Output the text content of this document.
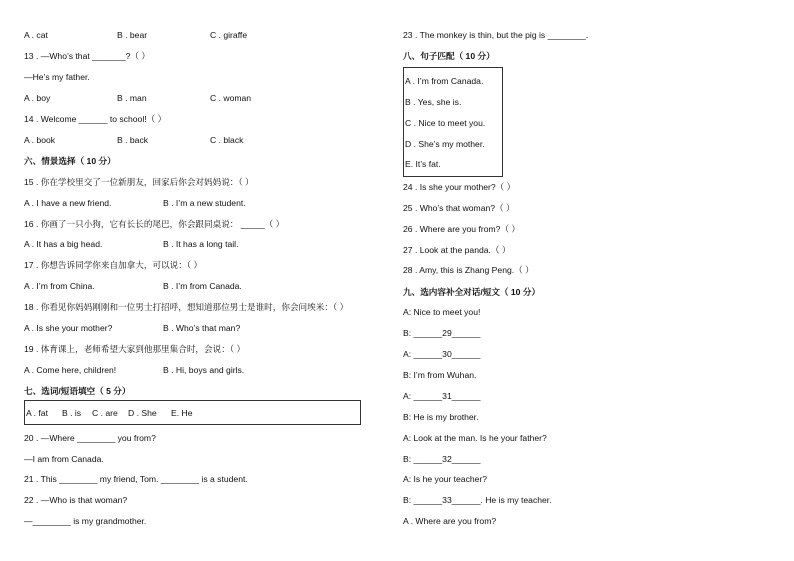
A . cat	B . bear	C . giraffe
13 . —Who’s that _______?（ ）
—He’s my father.
A . boy	B . man	C . woman
14 . Welcome ______ to school!（ ）
A . book	B . back	C . black
六、情景选择（ 10 分）
15 . 你在学校里交了一位新朋友，回家后你会对妈妈说：（ ）
A . I have a new friend.	B . I’m a new student.
16 . 你画了一只小狗，它有长长的尾巴，你会跟同桌说： _____（ ）
A . It has a big head.	B . It has a long tail.
17 . 你想告诉同学你来自加拿大，可以说：（ ）
A . I’m from China.	B . I’m from Canada.
18 . 你看见你妈妈刚刚和一位男士打招呼，想知道那位男士是谁时，你会问埃米：（ ）
A . Is she your mother?	B . Who’s that man?
19 . 体育课上，老师希望大家到他那里集合时，会说：（ ）
A . Come here, children!	B . Hi, boys and girls.
七、选词/短语填空（ 5 分）
A . fat B . is C . are D . She E. He
20 . —Where ________ you from?
—I am from Canada.
21 . This ________ my friend, Tom. ________ is a student.
22 . —Who is that woman?
—________ is my grandmother.
23 . The monkey is thin, but the pig is ________.
八、句子匹配（ 10 分）
A . I’m from Canada.
B . Yes, she is.
C . Nice to meet you.
D . She’s my mother.
E. It’s fat.
24 . Is she your mother?（ ）
25 . Who’s that woman?（ ）
26 . Where are you from?（ ）
27 . Look at the panda.（ ）
28 . Amy, this is Zhang Peng.（ ）
九、选内容补全对话/短文（ 10 分）
A: Nice to meet you!
B: ______29______
A: ______30______
B: I’m from Wuhan.
A: ______31______
B: He is my brother.
A: Look at the man. Is he your father?
B: ______32______
A: Is he your teacher?
B: ______33______. He is my teacher.
A . Where are you from?
